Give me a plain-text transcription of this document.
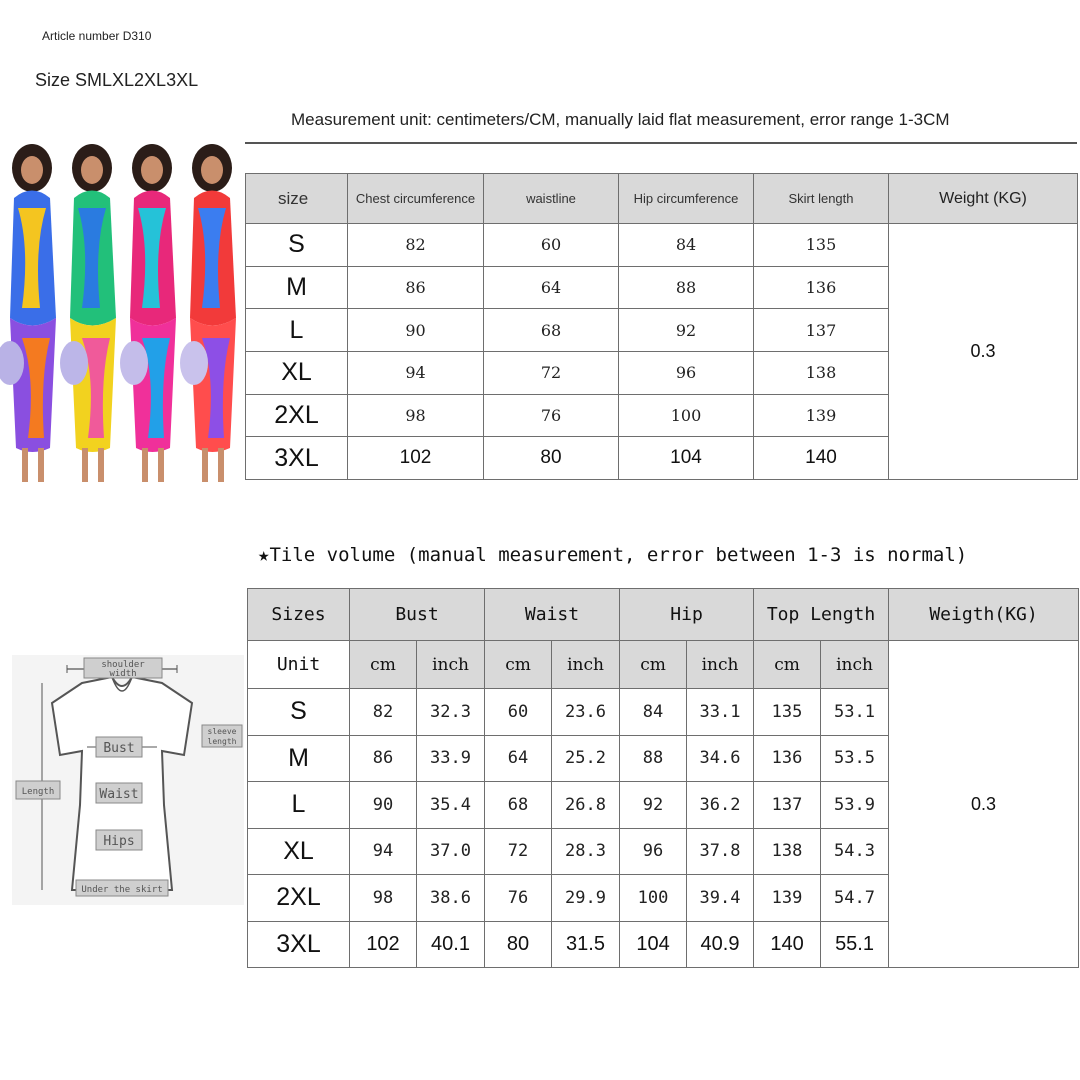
Article number D310
Size SMLXL2XL3XL
Measurement unit: centimeters/CM, manually laid flat measurement, error range 1-3CM
size	Chest circumference	waistline	Hip circumference	Skirt length	Weight (KG)
S	82	60	84	135	0.3
M	86	64	88	136	
L	90	68	92	137	
XL	94	72	96	138	
2XL	98	76	100	139	
3XL	102	80	104	140	
★Tile volume (manual measurement, error between 1-3 is normal)
shoulder
width
sleeve
length
Bust
Waist
Hips
Length
Under the skirt
Sizes	Bust		Waist		Hip		Top Length		Weigth(KG)
Unit	cm	inch	cm	inch	cm	inch	cm	inch	0.3
S	82	32.3	60	23.6	84	33.1	135	53.1	
M	86	33.9	64	25.2	88	34.6	136	53.5	
L	90	35.4	68	26.8	92	36.2	137	53.9	
XL	94	37.0	72	28.3	96	37.8	138	54.3	
2XL	98	38.6	76	29.9	100	39.4	139	54.7	
3XL	102	40.1	80	31.5	104	40.9	140	55.1	
